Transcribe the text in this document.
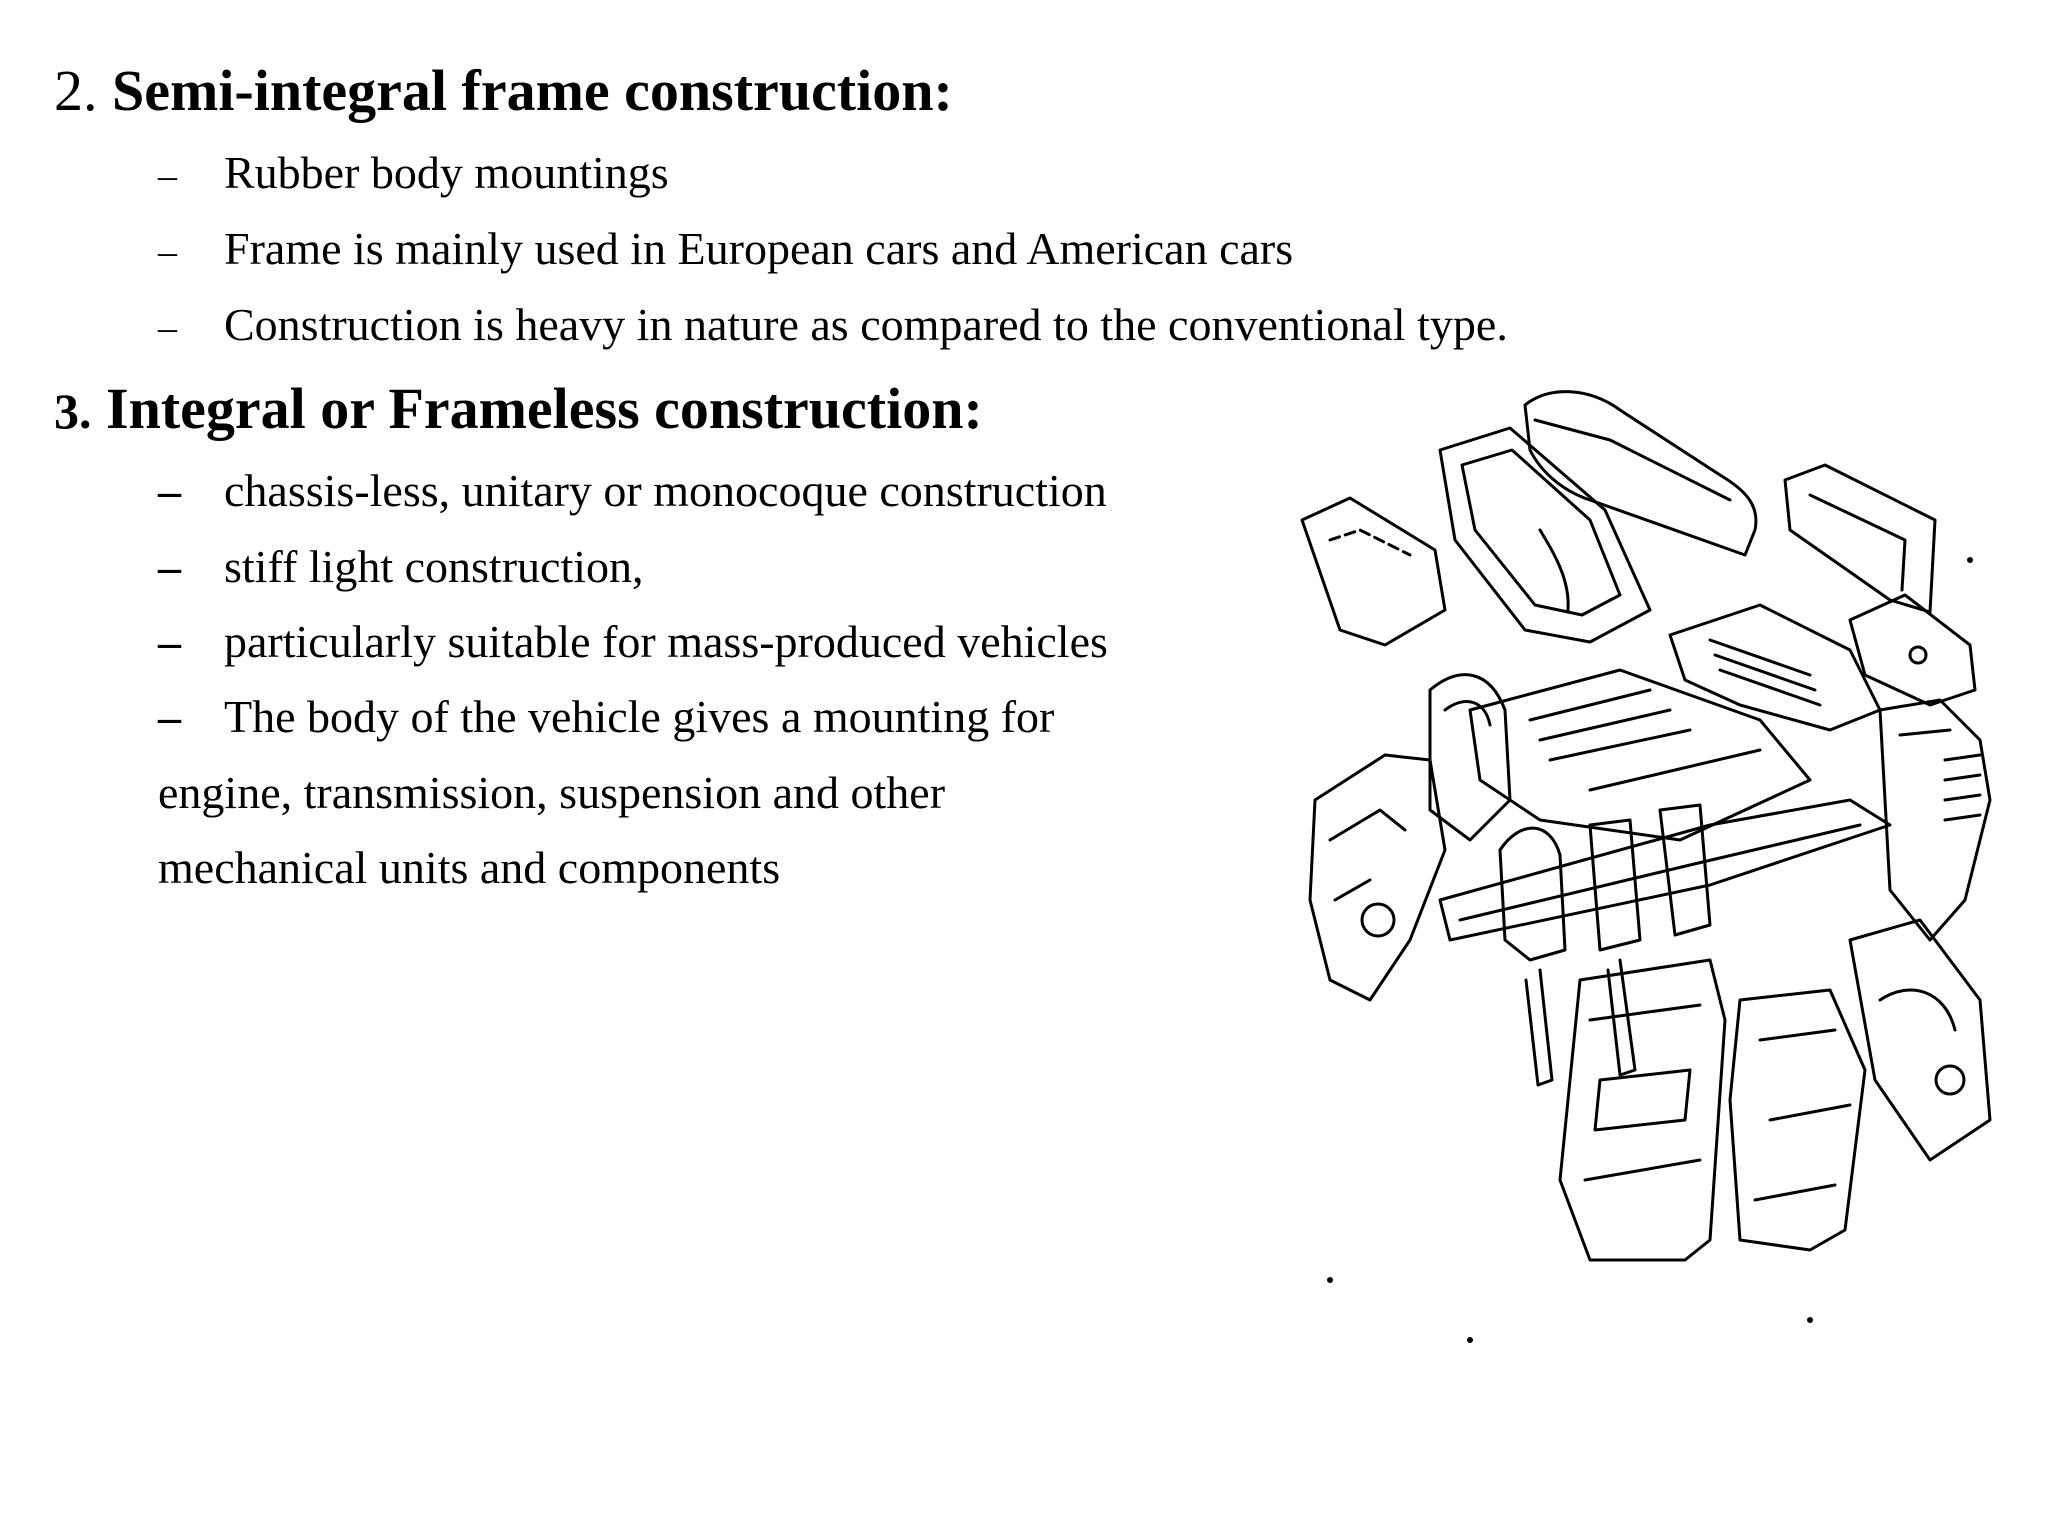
2. Semi-integral frame construction:
– Rubber body mountings
– Frame is mainly used in European cars and American cars
– Construction is heavy in nature as compared to the conventional type.
3. Integral or Frameless construction:
– chassis-less, unitary or monocoque construction
– stiff light construction,
– particularly suitable for mass-produced vehicles
– The body of the vehicle gives a mounting for
engine, transmission, suspension and other
mechanical units and components
